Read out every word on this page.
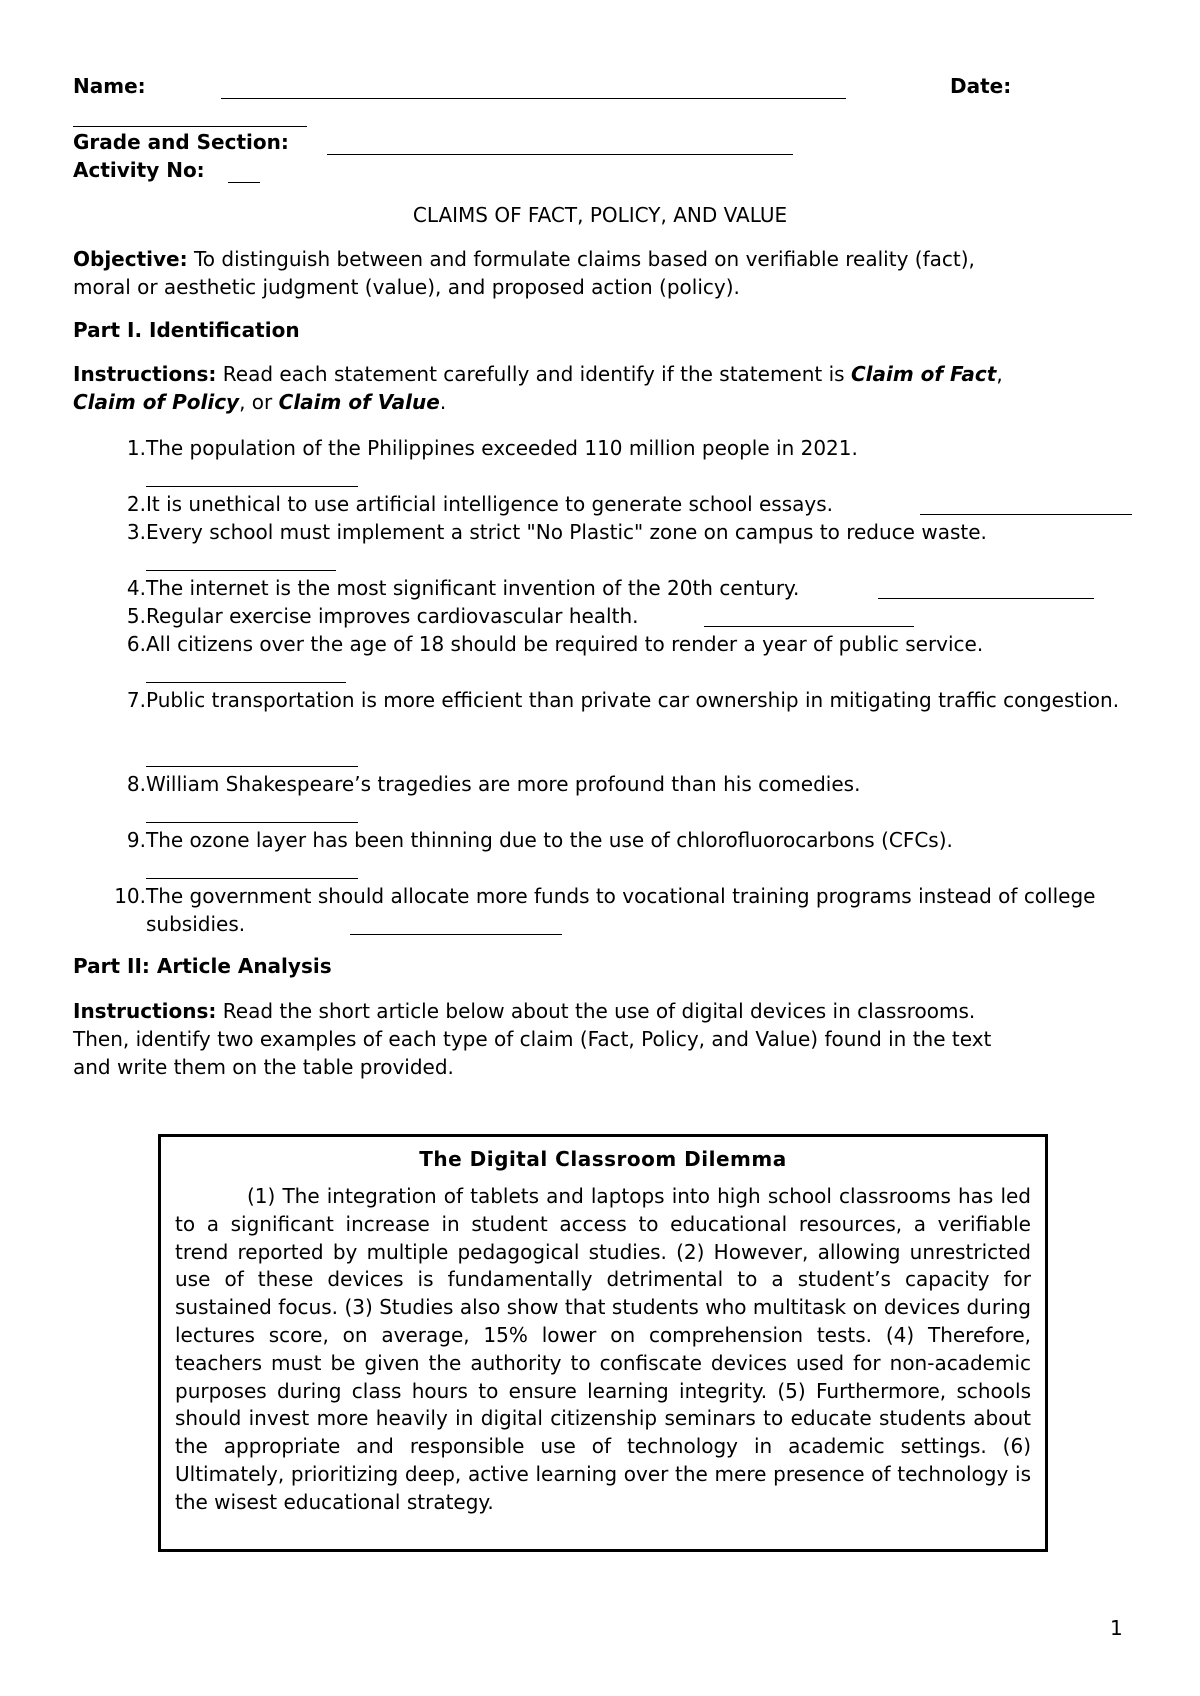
Name:	Date:
Grade and Section:
Activity No:
CLAIMS OF FACT, POLICY, AND VALUE
Objective: To distinguish between and formulate claims based on verifiable reality (fact),
moral or aesthetic judgment (value), and proposed action (policy).
Part I. Identification
Instructions: Read each statement carefully and identify if the statement is Claim of Fact,
Claim of Policy, or Claim of Value.
1. The population of the Philippines exceeded 110 million people in 2021.
2. It is unethical to use artificial intelligence to generate school essays.
3. Every school must implement a strict "No Plastic" zone on campus to reduce waste.
4. The internet is the most significant invention of the 20th century.
5. Regular exercise improves cardiovascular health.
6. All citizens over the age of 18 should be required to render a year of public service.
7. Public transportation is more efficient than private car ownership in mitigating traffic congestion.
8. William Shakespeare’s tragedies are more profound than his comedies.
9. The ozone layer has been thinning due to the use of chlorofluorocarbons (CFCs).
10. The government should allocate more funds to vocational training programs instead of college subsidies.
Part II: Article Analysis
Instructions: Read the short article below about the use of digital devices in classrooms.
Then, identify two examples of each type of claim (Fact, Policy, and Value) found in the text
and write them on the table provided.
The Digital Classroom Dilemma
(1) The integration of tablets and laptops into high school classrooms has led to a significant increase in student access to educational resources, a verifiable trend reported by multiple pedagogical studies. (2) However, allowing unrestricted use of these devices is fundamentally detrimental to a student’s capacity for sustained focus. (3) Studies also show that students who multitask on devices during lectures score, on average, 15% lower on comprehension tests. (4) Therefore, teachers must be given the authority to confiscate devices used for non-academic purposes during class hours to ensure learning integrity. (5) Furthermore, schools should invest more heavily in digital citizenship seminars to educate students about the appropriate and responsible use of technology in academic settings. (6) Ultimately, prioritizing deep, active learning over the mere presence of technology is the wisest educational strategy.
1
